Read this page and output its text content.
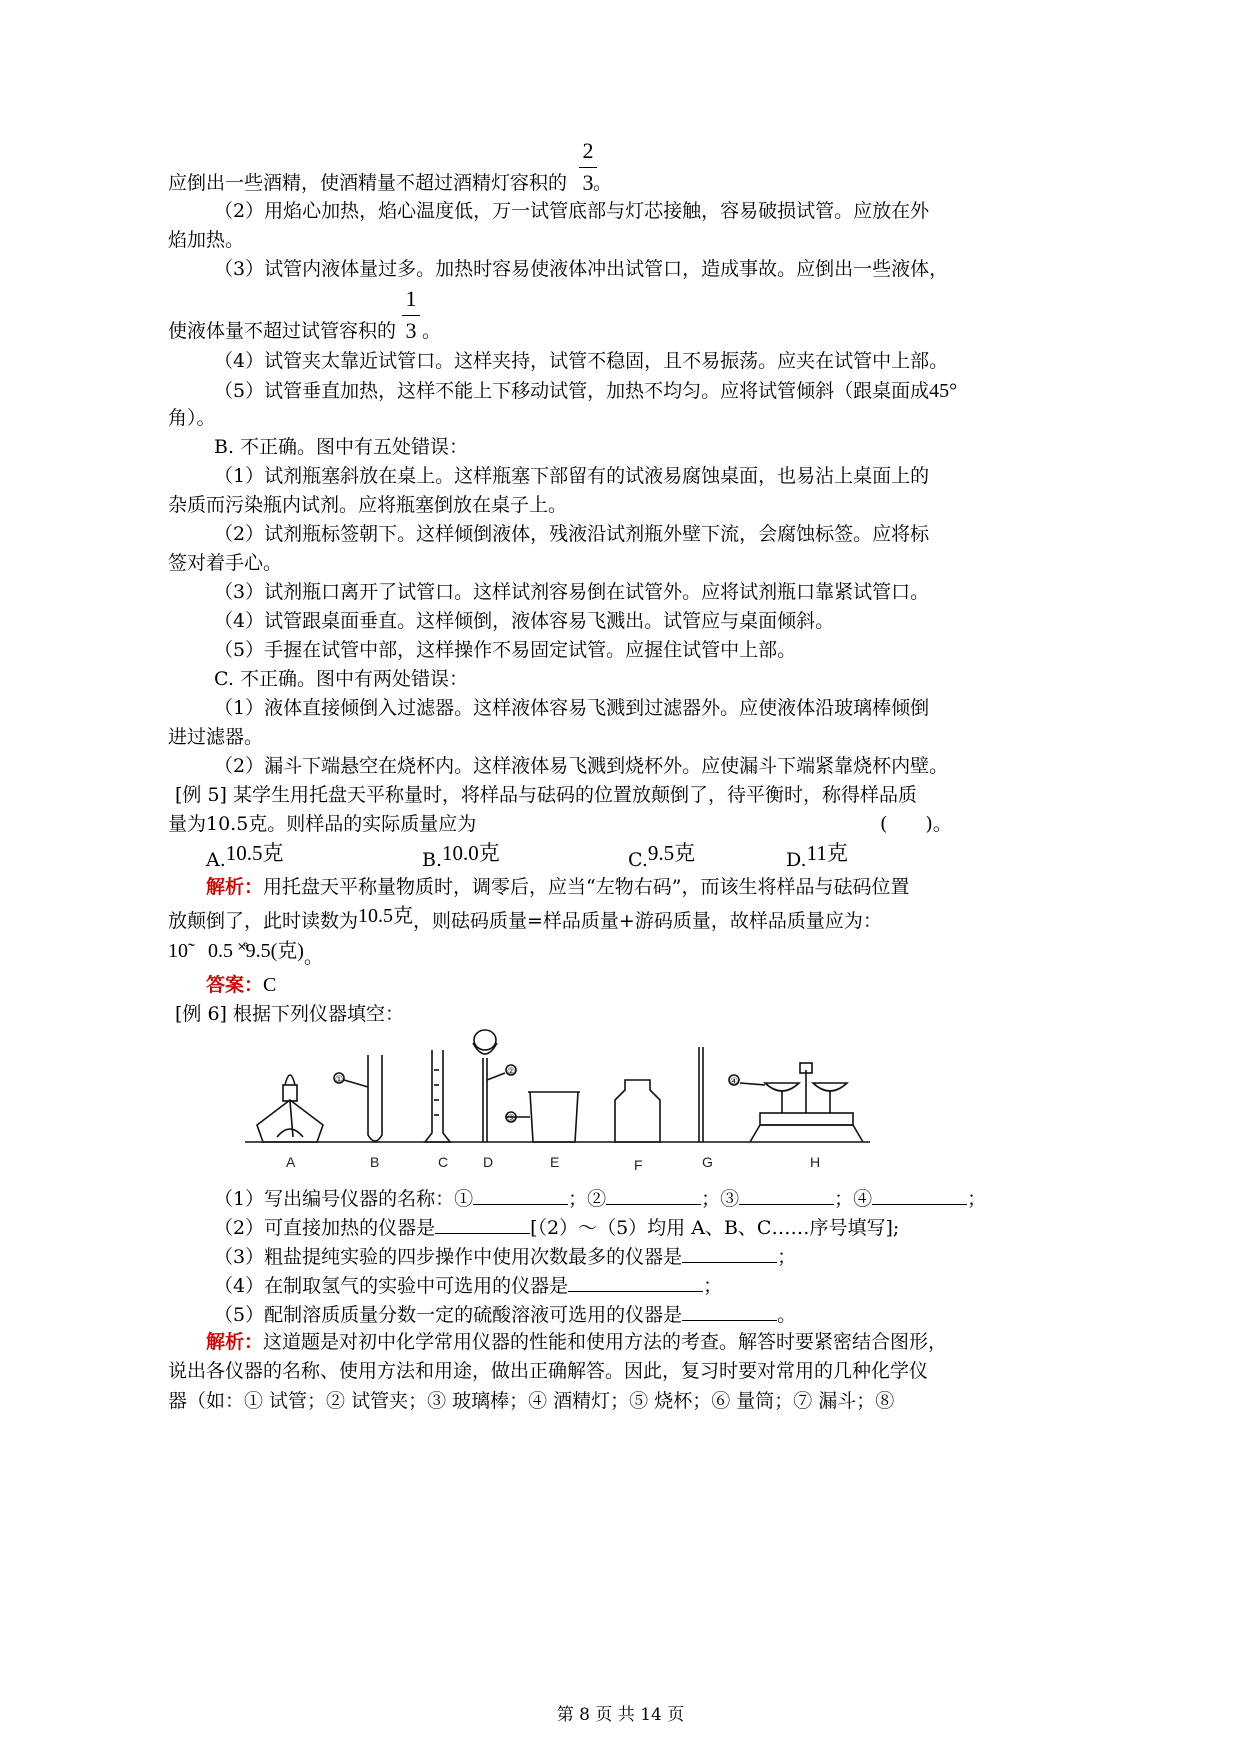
2
应倒出一些酒精，使酒精量不超过酒精灯容积的 。
3
（2）用焰心加热，焰心温度低，万一试管底部与灯芯接触，容易破损试管。应放在外
焰加热。
（3）试管内液体量过多。加热时容易使液体冲出试管口，造成事故。应倒出一些液体，
1
使液体量不超过试管容积的 。
3
（4）试管夹太靠近试管口。这样夹持，试管不稳固，且不易振荡。应夹在试管中上部。
（5）试管垂直加热，这样不能上下移动试管，加热不均匀。应将试管倾斜（跟桌面成45°
角）。
B. 不正确。图中有五处错误：
（1）试剂瓶塞斜放在桌上。这样瓶塞下部留有的试液易腐蚀桌面，也易沾上桌面上的
杂质而污染瓶内试剂。应将瓶塞倒放在桌子上。
（2）试剂瓶标签朝下。这样倾倒液体，残液沿试剂瓶外壁下流，会腐蚀标签。应将标
签对着手心。
（3）试剂瓶口离开了试管口。这样试剂容易倒在试管外。应将试剂瓶口靠紧试管口。
（4）试管跟桌面垂直。这样倾倒，液体容易飞溅出。试管应与桌面倾斜。
（5）手握在试管中部，这样操作不易固定试管。应握住试管中上部。
C. 不正确。图中有两处错误：
（1）液体直接倾倒入过滤器。这样液体容易飞溅到过滤器外。应使液体沿玻璃棒倾倒
进过滤器。
（2）漏斗下端悬空在烧杯内。这样液体易飞溅到烧杯外。应使漏斗下端紧靠烧杯内壁。
[例 5] 某学生用托盘天平称量时，将样品与砝码的位置放颠倒了，待平衡时，称得样品质
量为10.5克。则样品的实际质量应为	(　　)。
A.10.5克	B.10.0克	C.9.5克	D.11克
解析：用托盘天平称量物质时，调零后，应当“左物右码”，而该生将样品与砝码位置
放颠倒了，此时读数为10.5克，则砝码质量=样品质量+游码质量，故样品质量应为：
10̃　0.5 ˟̊9.5(克)。
答案：C
[例 6] 根据下列仪器填空：
①
②
③
④
A	B	C D	E	F	G	H
（1）写出编号仪器的名称：①	；②	；③	；④	；
（2）可直接加热的仪器是	[（2）～（5）均用 A、B、C……序号填写];
（3）粗盐提纯实验的四步操作中使用次数最多的仪器是	；
（4）在制取氢气的实验中可选用的仪器是	；
（5）配制溶质质量分数一定的硫酸溶液可选用的仪器是	。
解析：这道题是对初中化学常用仪器的性能和使用方法的考查。解答时要紧密结合图形，
说出各仪器的名称、使用方法和用途，做出正确解答。因此，复习时要对常用的几种化学仪
器（如：① 试管；② 试管夹；③ 玻璃棒；④ 酒精灯；⑤ 烧杯；⑥ 量筒；⑦ 漏斗；⑧
第 8 页 共 14 页
